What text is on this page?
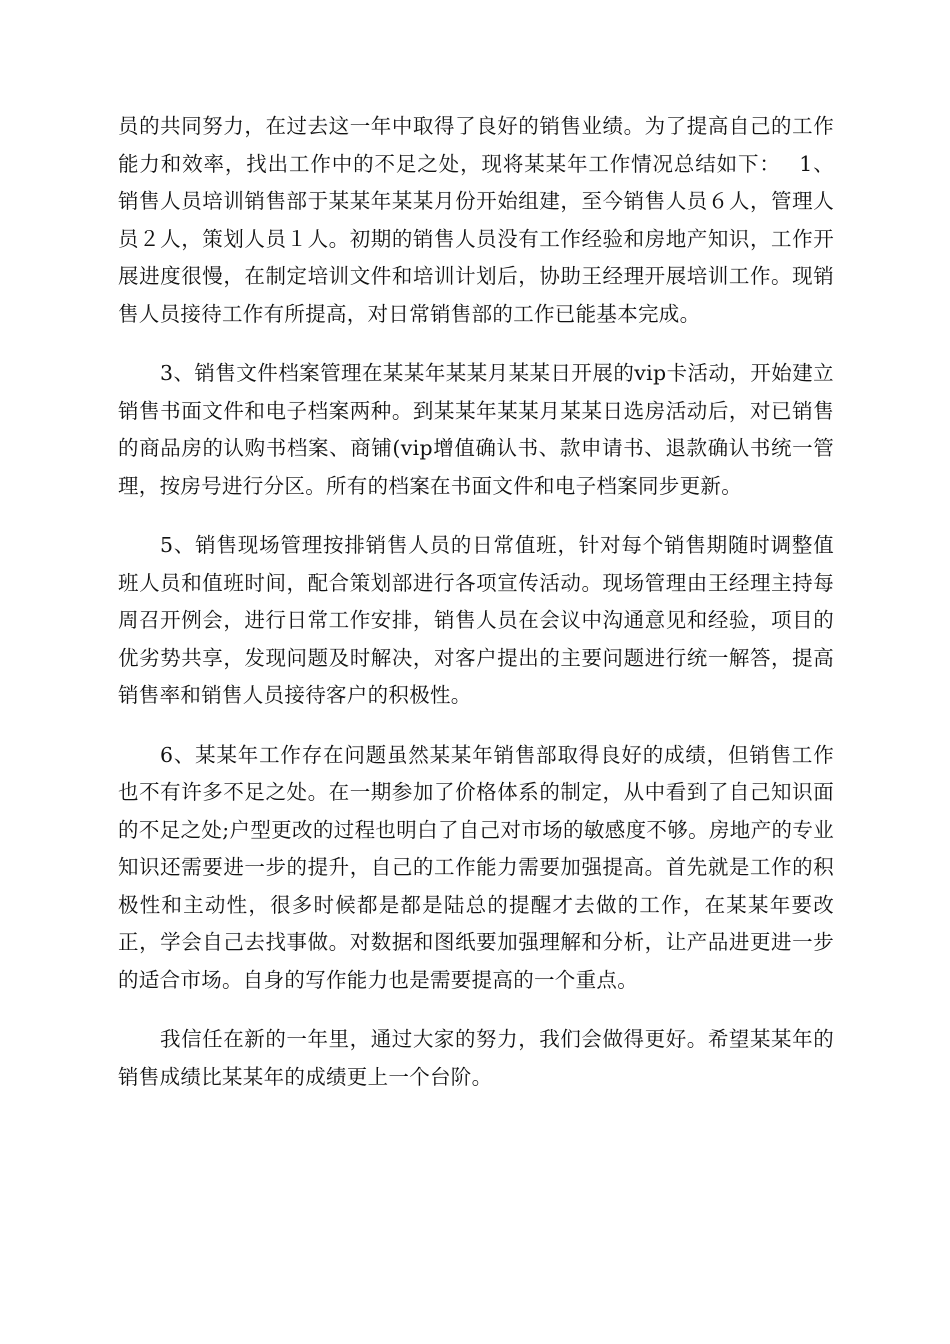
员的共同努力，在过去这一年中取得了良好的销售业绩。为了提高自己的工作能力和效率，找出工作中的不足之处，现将某某年工作情况总结如下：　 1、销售人员培训销售部于某某年某某月份开始组建，至今销售人员６人，管理人员２人，策划人员１人。初期的销售人员没有工作经验和房地产知识，工作开展进度很慢，在制定培训文件和培训计划后，协助王经理开展培训工作。现销售人员接待工作有所提高，对日常销售部的工作已能基本完成。

3、销售文件档案管理在某某年某某月某某日开展的vip卡活动，开始建立销售书面文件和电子档案两种。到某某年某某月某某日选房活动后，对已销售的商品房的认购书档案、商铺(vip增值确认书、款申请书、退款确认书统一管理，按房号进行分区。所有的档案在书面文件和电子档案同步更新。

5、销售现场管理按排销售人员的日常值班，针对每个销售期随时调整值班人员和值班时间，配合策划部进行各项宣传活动。现场管理由王经理主持每周召开例会，进行日常工作安排，销售人员在会议中沟通意见和经验，项目的优劣势共享，发现问题及时解决，对客户提出的主要问题进行统一解答，提高销售率和销售人员接待客户的积极性。

6、某某年工作存在问题虽然某某年销售部取得良好的成绩，但销售工作也不有许多不足之处。在一期参加了价格体系的制定，从中看到了自己知识面的不足之处;户型更改的过程也明白了自己对市场的敏感度不够。房地产的专业知识还需要进一步的提升，自己的工作能力需要加强提高。首先就是工作的积极性和主动性，很多时候都是都是陆总的提醒才去做的工作，在某某年要改正，学会自己去找事做。对数据和图纸要加强理解和分析，让产品进更进一步的适合市场。自身的写作能力也是需要提高的一个重点。

我信任在新的一年里，通过大家的努力，我们会做得更好。希望某某年的销售成绩比某某年的成绩更上一个台阶。
